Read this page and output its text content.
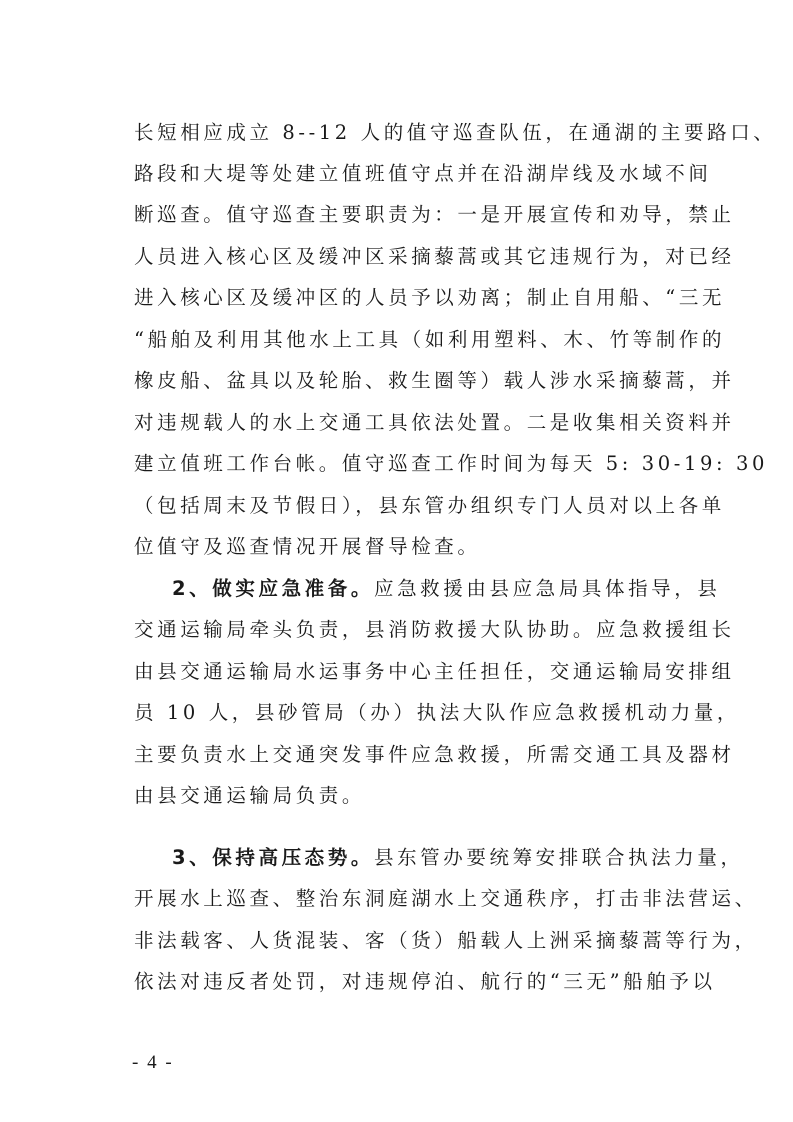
长短相应成立 8--12 人的值守巡查队伍，在通湖的主要路口、
路段和大堤等处建立值班值守点并在沿湖岸线及水域不间
断巡查。值守巡查主要职责为：一是开展宣传和劝导，禁止
人员进入核心区及缓冲区采摘藜蒿或其它违规行为，对已经
进入核心区及缓冲区的人员予以劝离；制止自用船、“三无
“船舶及利用其他水上工具（如利用塑料、木、竹等制作的
橡皮船、盆具以及轮胎、救生圈等）载人涉水采摘藜蒿，并
对违规载人的水上交通工具依法处置。二是收集相关资料并
建立值班工作台帐。值守巡查工作时间为每天 5: 30-19: 30
（包括周末及节假日），县东管办组织专门人员对以上各单
位值守及巡查情况开展督导检查。
2、做实应急准备。应急救援由县应急局具体指导，县
交通运输局牵头负责，县消防救援大队协助。应急救援组长
由县交通运输局水运事务中心主任担任，交通运输局安排组
员 10 人，县砂管局（办）执法大队作应急救援机动力量，
主要负责水上交通突发事件应急救援，所需交通工具及器材
由县交通运输局负责。
3、保持高压态势。县东管办要统筹安排联合执法力量，
开展水上巡查、整治东洞庭湖水上交通秩序，打击非法营运、
非法载客、人货混装、客（货）船载人上洲采摘藜蒿等行为，
依法对违反者处罚，对违规停泊、航行的“三无”船舶予以
- 4 -
